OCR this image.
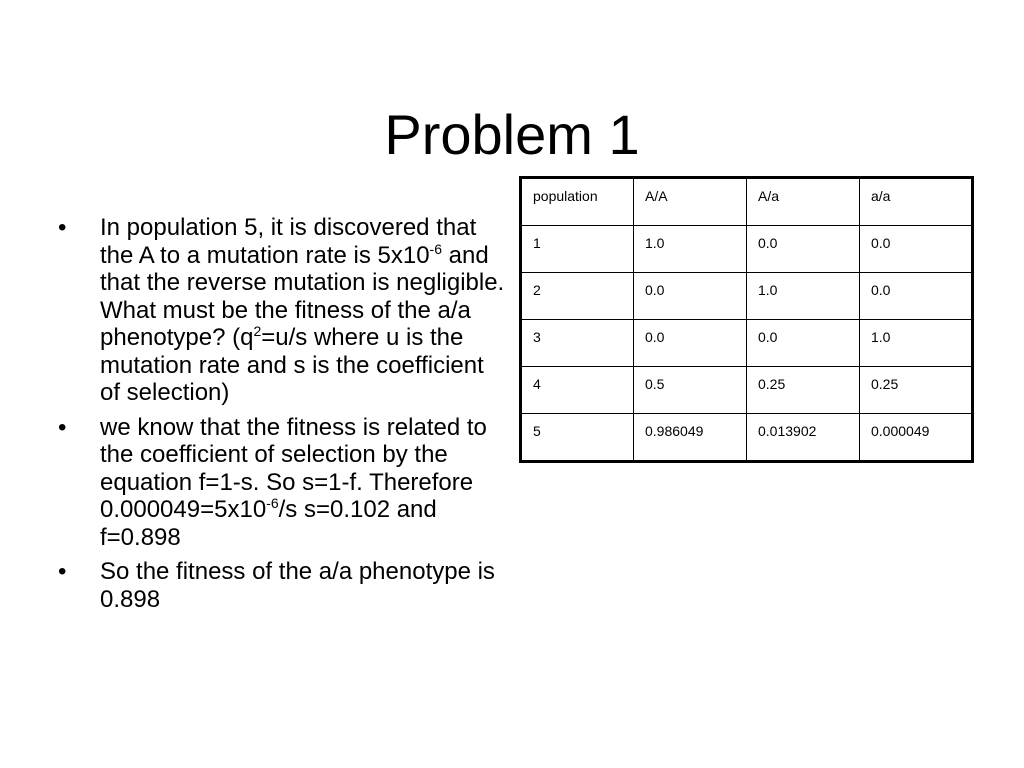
Problem 1
•	In population 5, it is discovered that the A to a mutation rate is $5x10^{-6}$ and that the reverse mutation is negligible. What must be the fitness of the a/a phenotype? ($q^2=u/s$ where u is the mutation rate and s is the coefficient of selection)
•	we know that the fitness is related to the coefficient of selection by the equation f=1-s. So s=1-f. Therefore $0.000049=5x10^{-6}/s$ s=0.102 and f=0.898
•	So the fitness of the a/a phenotype is 0.898
population	A/A	A/a	a/a
1	1.0	0.0	0.0
2	0.0	1.0	0.0
3	0.0	0.0	1.0
4	0.5	0.25	0.25
5	0.986049	0.013902	0.000049
